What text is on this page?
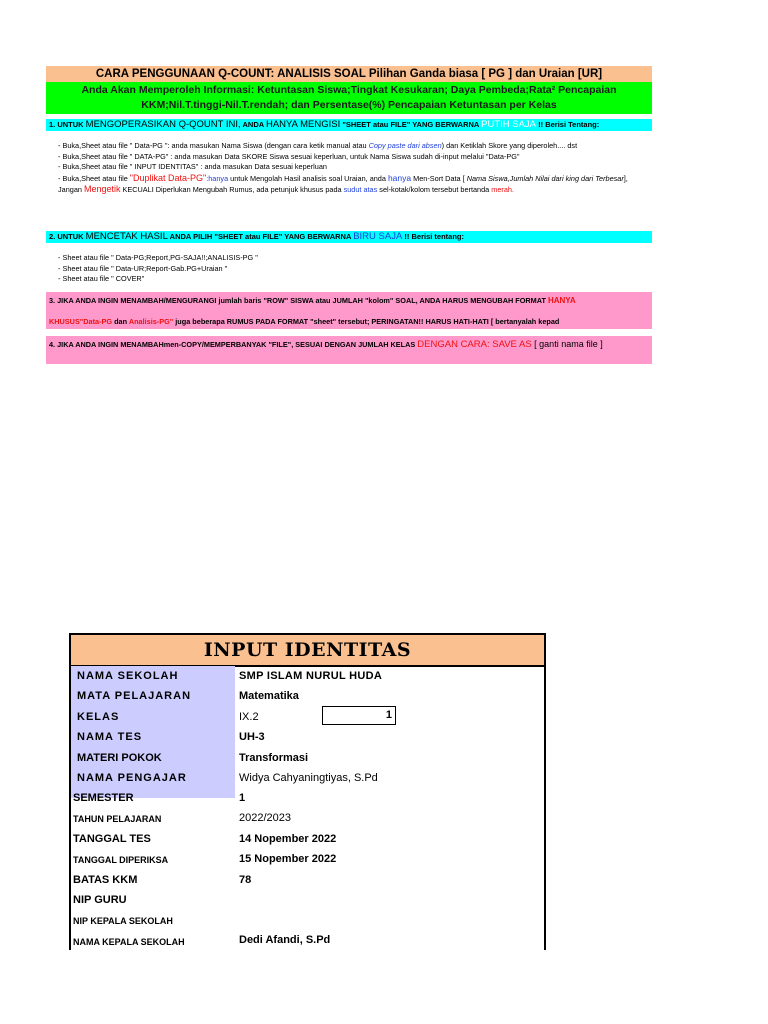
CARA PENGGUNAAN Q-COUNT: ANALISIS SOAL Pilihan Ganda biasa [ PG ] dan Uraian [UR]
Anda Akan Memperoleh Informasi: Ketuntasan Siswa;Tingkat Kesukaran; Daya Pembeda;Rata² Pencapaian
KKM;Nil.T.tinggi-Nil.T.rendah; dan Persentase(%) Pencapaian Ketuntasan per Kelas
1. UNTUK MENGOPERASIKAN Q-QOUNT INI, ANDA HANYA MENGISI "SHEET atau FILE" YANG BERWARNA PUTIH SAJA !! Berisi Tentang:

- Buka,Sheet atau file " Data-PG ": anda masukan Nama Siswa (dengan cara ketik manual atau Copy paste dari absen) dan Ketiklah Skore yang diperoleh.... dst

- Buka,Sheet atau file " DATA-PG" : anda masukan Data SKORE Siswa sesuai keperluan, untuk Nama Siswa sudah di-input melalui "Data-PG"

- Buka,Sheet atau file " INPUT IDENTITAS" : anda masukan Data sesuai keperluan

- Buka,Sheet atau file "Duplikat Data-PG":hanya untuk Mengolah Hasil analisis soal Uraian, anda hanya Men-Sort Data [ Nama Siswa,Jumlah Nilai dari king dari Terbesar], Jangan Mengetik KECUALI Diperlukan Mengubah Rumus, ada petunjuk khusus pada sudut atas sel-kotak/kolom tersebut bertanda merah.

2. UNTUK MENCETAK HASIL ANDA PILIH "SHEET atau FILE" YANG BERWARNA BIRU SAJA !! Berisi tentang:

- Sheet atau file " Data-PG;Report,PG-SAJA!!;ANALISIS-PG "

- Sheet atau file " Data-UR;Report-Gab.PG+Uraian "

- Sheet atau file " COVER"

3. JIKA ANDA INGIN MENAMBAH/MENGURANGI jumlah baris "ROW" SISWA atau JUMLAH "kolom" SOAL, ANDA HARUS MENGUBAH FORMAT HANYA
KHUSUS"Data-PG dan Analisis-PG" juga beberapa RUMUS PADA FORMAT "sheet" tersebut; PERINGATAN!! HARUS HATI-HATI [ bertanyalah kepad
4. JIKA ANDA INGIN MENAMBAHmen-COPY/MEMPERBANYAK "FILE", SESUAI DENGAN JUMLAH KELAS DENGAN CARA: SAVE AS [ ganti nama file ]
INPUT IDENTITAS
NAMA SEKOLAH	SMP ISLAM NURUL HUDA
MATA PELAJARAN	Matematika
KELAS	IX.2	1
NAMA TES	UH-3
MATERI POKOK	Transformasi
NAMA PENGAJAR	Widya Cahyaningtiyas, S.Pd
SEMESTER	1
TAHUN PELAJARAN	2022/2023
TANGGAL TES	14 Nopember 2022
TANGGAL DIPERIKSA	15 Nopember 2022
BATAS KKM	78
NIP GURU
NIP KEPALA SEKOLAH
NAMA KEPALA SEKOLAH	Dedi Afandi, S.Pd
